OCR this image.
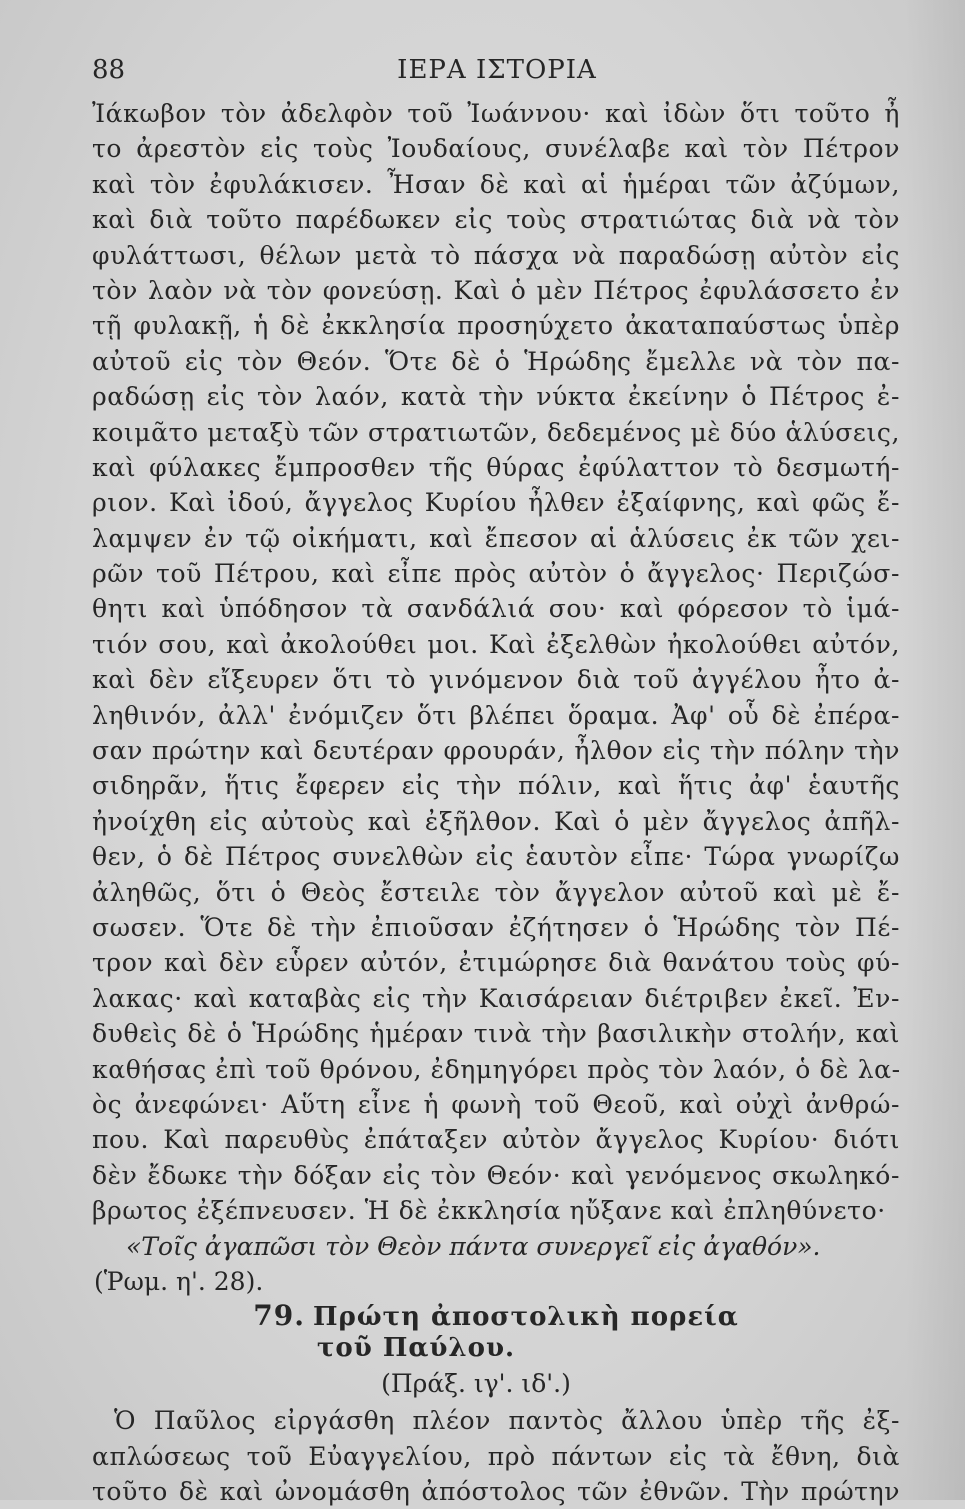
88	ΙΕΡΑ ΙΣΤΟΡΙΑ
Ἰάκωβον τὸν ἀδελφὸν τοῦ Ἰωάννου· καὶ ἰδὼν ὅτι τοῦτο ἦ
το ἀρεστὸν εἰς τοὺς Ἰουδαίους, συνέλαβε καὶ τὸν Πέτρον
καὶ τὸν ἐφυλάκισεν. Ἦσαν δὲ καὶ αἱ ἡμέραι τῶν ἀζύμων,
καὶ διὰ τοῦτο παρέδωκεν εἰς τοὺς στρατιώτας διὰ νὰ τὸν
φυλάττωσι, θέλων μετὰ τὸ πάσχα νὰ παραδώσῃ αὐτὸν εἰς
τὸν λαὸν νὰ τὸν φονεύσῃ. Καὶ ὁ μὲν Πέτρος ἐφυλάσσετο ἐν
τῇ φυλακῇ, ἡ δὲ ἐκκλησία προσηύχετο ἀκαταπαύστως ὑπὲρ
αὐτοῦ εἰς τὸν Θεόν. Ὅτε δὲ ὁ Ἡρώδης ἔμελλε νὰ τὸν πα-
ραδώσῃ εἰς τὸν λαόν, κατὰ τὴν νύκτα ἐκείνην ὁ Πέτρος ἐ-
κοιμᾶτο μεταξὺ τῶν στρατιωτῶν, δεδεμένος μὲ δύο ἁλύσεις,
καὶ φύλακες ἔμπροσθεν τῆς θύρας ἐφύλαττον τὸ δεσμωτή-
ριον. Καὶ ἰδού, ἄγγελος Κυρίου ἦλθεν ἐξαίφνης, καὶ φῶς ἔ-
λαμψεν ἐν τῷ οἰκήματι, καὶ ἔπεσον αἱ ἁλύσεις ἐκ τῶν χει-
ρῶν τοῦ Πέτρου, καὶ εἶπε πρὸς αὐτὸν ὁ ἄγγελος· Περιζώσ-
θητι καὶ ὑπόδησον τὰ σανδάλιά σου· καὶ φόρεσον τὸ ἱμά-
τιόν σου, καὶ ἀκολούθει μοι. Καὶ ἐξελθὼν ἠκολούθει αὐτόν,
καὶ δὲν εἴξευρεν ὅτι τὸ γινόμενον διὰ τοῦ ἀγγέλου ἦτο ἀ-
ληθινόν, ἀλλ' ἐνόμιζεν ὅτι βλέπει ὅραμα. Ἀφ' οὗ δὲ ἐπέρα-
σαν πρώτην καὶ δευτέραν φρουράν, ἦλθον εἰς τὴν πόλην τὴν
σιδηρᾶν, ἥτις ἔφερεν εἰς τὴν πόλιν, καὶ ἥτις ἀφ' ἑαυτῆς
ἠνοίχθη εἰς αὐτοὺς καὶ ἐξῆλθον. Καὶ ὁ μὲν ἄγγελος ἀπῆλ-
θεν, ὁ δὲ Πέτρος συνελθὼν εἰς ἑαυτὸν εἶπε· Τώρα γνωρίζω
ἀληθῶς, ὅτι ὁ Θεὸς ἔστειλε τὸν ἄγγελον αὐτοῦ καὶ μὲ ἔ-
σωσεν. Ὅτε δὲ τὴν ἐπιοῦσαν ἐζήτησεν ὁ Ἡρώδης τὸν Πέ-
τρον καὶ δὲν εὗρεν αὐτόν, ἐτιμώρησε διὰ θανάτου τοὺς φύ-
λακας· καὶ καταβὰς εἰς τὴν Καισάρειαν διέτριβεν ἐκεῖ. Ἐν-
δυθεὶς δὲ ὁ Ἡρώδης ἡμέραν τινὰ τὴν βασιλικὴν στολήν, καὶ
καθήσας ἐπὶ τοῦ θρόνου, ἐδημηγόρει πρὸς τὸν λαόν, ὁ δὲ λα-
ὸς ἀνεφώνει· Αὕτη εἶνε ἡ φωνὴ τοῦ Θεοῦ, καὶ οὐχὶ ἀνθρώ-
που. Καὶ παρευθὺς ἐπάταξεν αὐτὸν ἄγγελος Κυρίου· διότι
δὲν ἔδωκε τὴν δόξαν εἰς τὸν Θεόν· καὶ γενόμενος σκωληκό-
βρωτος ἐξέπνευσεν. Ἡ δὲ ἐκκλησία ηὔξανε καὶ ἐπληθύνετο·
«Τοῖς ἀγαπῶσι τὸν Θεὸν πάντα συνεργεῖ εἰς ἀγαθόν».
(Ῥωμ. η'. 28).
79. Πρώτη ἀποστολικὴ πορεία
τοῦ Παύλου.
(Πράξ. ιγ'. ιδ'.)
Ὁ Παῦλος εἰργάσθη πλέον παντὸς ἄλλου ὑπὲρ τῆς ἐξ-
απλώσεως τοῦ Εὐαγγελίου, πρὸ πάντων εἰς τὰ ἔθνη, διὰ
τοῦτο δὲ καὶ ὠνομάσθη ἀπόστολος τῶν ἐθνῶν. Τὴν πρώτην
